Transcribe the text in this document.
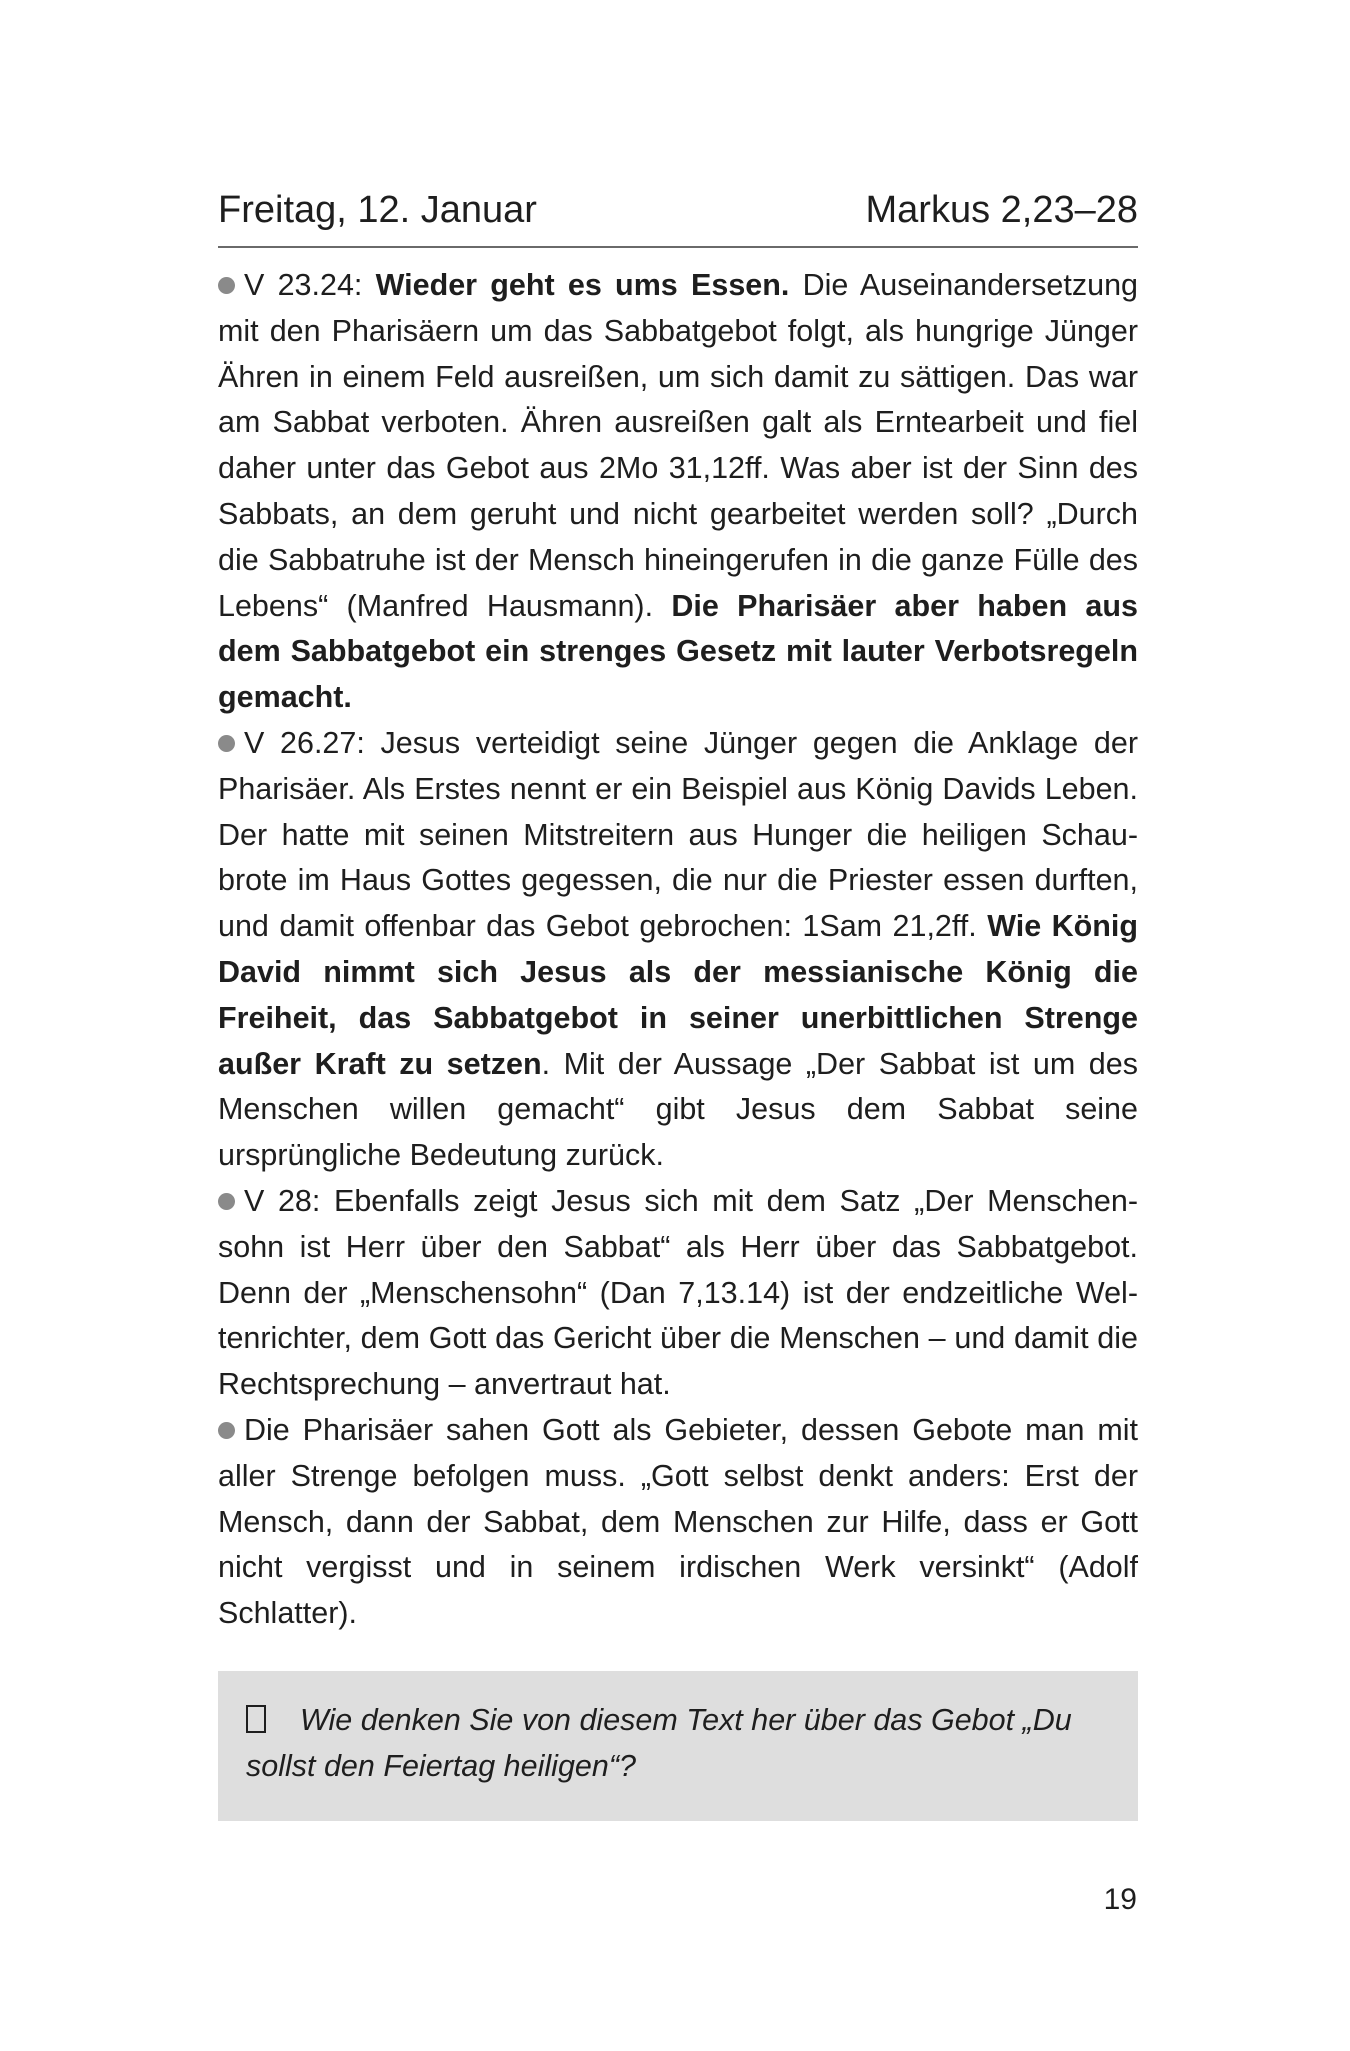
Freitag, 12. Januar	Markus 2,23–28

V 23.24: Wieder geht es ums Essen. Die Auseinandersetzung mit den Pharisäern um das Sabbatgebot folgt, als hungrige Jünger Ähren in einem Feld ausreißen, um sich damit zu sättigen. Das war am Sabbat verboten. Ähren ausreißen galt als Erntearbeit und fiel daher unter das Gebot aus 2Mo 31,12ff. Was aber ist der Sinn des Sabbats, an dem geruht und nicht gearbeitet werden soll? „Durch die Sabbatruhe ist der Mensch hineingerufen in die ganze Fülle des Lebens“ (Manfred Hausmann). Die Pharisäer aber haben aus dem Sabbatgebot ein strenges Gesetz mit lauter Verbotsregeln gemacht.

V 26.27: Jesus verteidigt seine Jünger gegen die Anklage der Pharisäer. Als Erstes nennt er ein Beispiel aus König Davids Leben. Der hatte mit seinen Mitstreitern aus Hunger die heiligen Schaubrote im Haus Gottes gegessen, die nur die Priester essen durften, und damit offenbar das Gebot gebrochen: 1Sam 21,2ff. Wie König David nimmt sich Jesus als der messianische König die Freiheit, das Sabbatgebot in seiner unerbittlichen Strenge außer Kraft zu setzen. Mit der Aussage „Der Sabbat ist um des Menschen willen gemacht“ gibt Jesus dem Sabbat seine ursprüngliche Bedeutung zurück.

V 28: Ebenfalls zeigt Jesus sich mit dem Satz „Der Menschensohn ist Herr über den Sabbat“ als Herr über das Sabbatgebot. Denn der „Menschensohn“ (Dan 7,13.14) ist der endzeitliche Weltenrichter, dem Gott das Gericht über die Menschen – und damit die Rechtsprechung – anvertraut hat.

Die Pharisäer sahen Gott als Gebieter, dessen Gebote man mit aller Strenge befolgen muss. „Gott selbst denkt anders: Erst der Mensch, dann der Sabbat, dem Menschen zur Hilfe, dass er Gott nicht vergisst und in seinem irdischen Werk versinkt“ (Adolf Schlatter).

Wie denken Sie von diesem Text her über das Gebot „Du sollst den Feiertag heiligen“?
19
